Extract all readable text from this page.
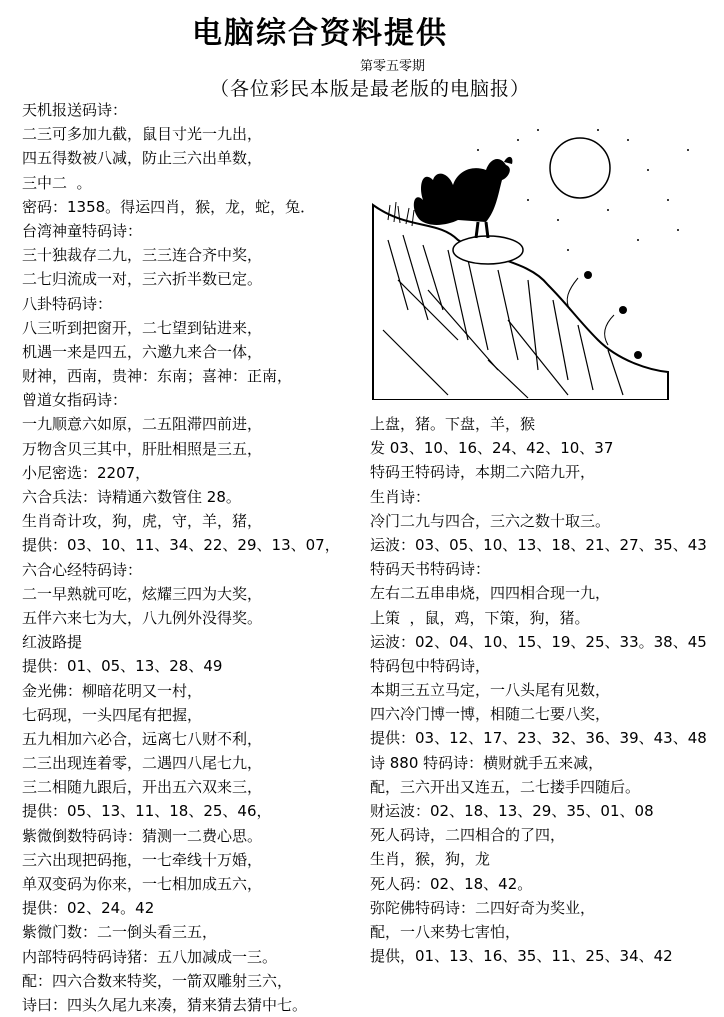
电脑综合资料提供
第零五零期
（各位彩民本版是最老版的电脑报）
天机报送码诗：
二三可多加九截，鼠目寸光一九出，
四五得数被八减，防止三六出单数，
三中二  。
密码：1358。得运四肖，猴，龙，蛇，兔．
台湾神童特码诗：
三十独裁存二九，三三连合齐中奖，
二七归流成一对，三六折半数已定。
八卦特码诗：
八三听到把窗开，二七望到钻进来，
机遇一来是四五，六邀九来合一体，
财神，西南，贵神：东南；喜神：正南，
曾道女指码诗：
一九顺意六如原，二五阻滞四前进，
万物含贝三其中，肝肚相照是三五，
小尼密选：2207，
六合兵法：诗精通六数管住 28。
生肖奇计攻，狗，虎，守，羊，猪，
提供：03、10、11、34、22、29、13、07，
六合心经特码诗：
二一早熟就可吃，炫耀三四为大奖，
五伴六来七为大，八九例外没得奖。
红波路提
提供：01、05、13、28、49
金光佛：柳暗花明又一村，
七码现，一头四尾有把握，
五九相加六必合，远离七八财不利，
二三出现连着零，二遇四八尾七九，
三二相随九跟后，开出五六双来三，
提供：05、13、11、18、25、46，
紫微倒数特码诗：猜测一二费心思。
三六出现把码拖，一七牵线十万婚，
单双变码为你来，一七相加成五六，
提供：02、24。42
紫微门数：二一倒头看三五，
内部特码特码诗猪：五八加减成一三。
配：四六合数来特奖，一箭双雕射三六，
诗曰：四头久尾九来凑，猜来猜去猜中七。
上盘，猪。下盘，羊，猴
发 03、10、16、24、42、10、37
特码王特码诗，本期二六陪九开，
生肖诗：
冷门二九与四合，三六之数十取三。
运波：03、05、10、13、18、21、27、35、43
特码天书特码诗：
左右二五串串烧，四四相合现一九，
上策  ，鼠，鸡，下策，狗，猪。
运波：02、04、10、15、19、25、33。38、45
特码包中特码诗，
本期三五立马定，一八头尾有见数，
四六冷门博一博，相随二七要八奖，
提供：03、12、17、23、32、36、39、43、48
诗 880 特码诗：横财就手五来减，
配，三六开出又连五，二七搂手四随后。
财运波：02、18、13、29、35、01、08
死人码诗，二四相合的了四，
生肖，猴，狗，龙
死人码：02、18、42。
弥陀佛特码诗：二四好奇为奖业，
配，一八来势七害怕，
提供，01、13、16、35、11、25、34、42
